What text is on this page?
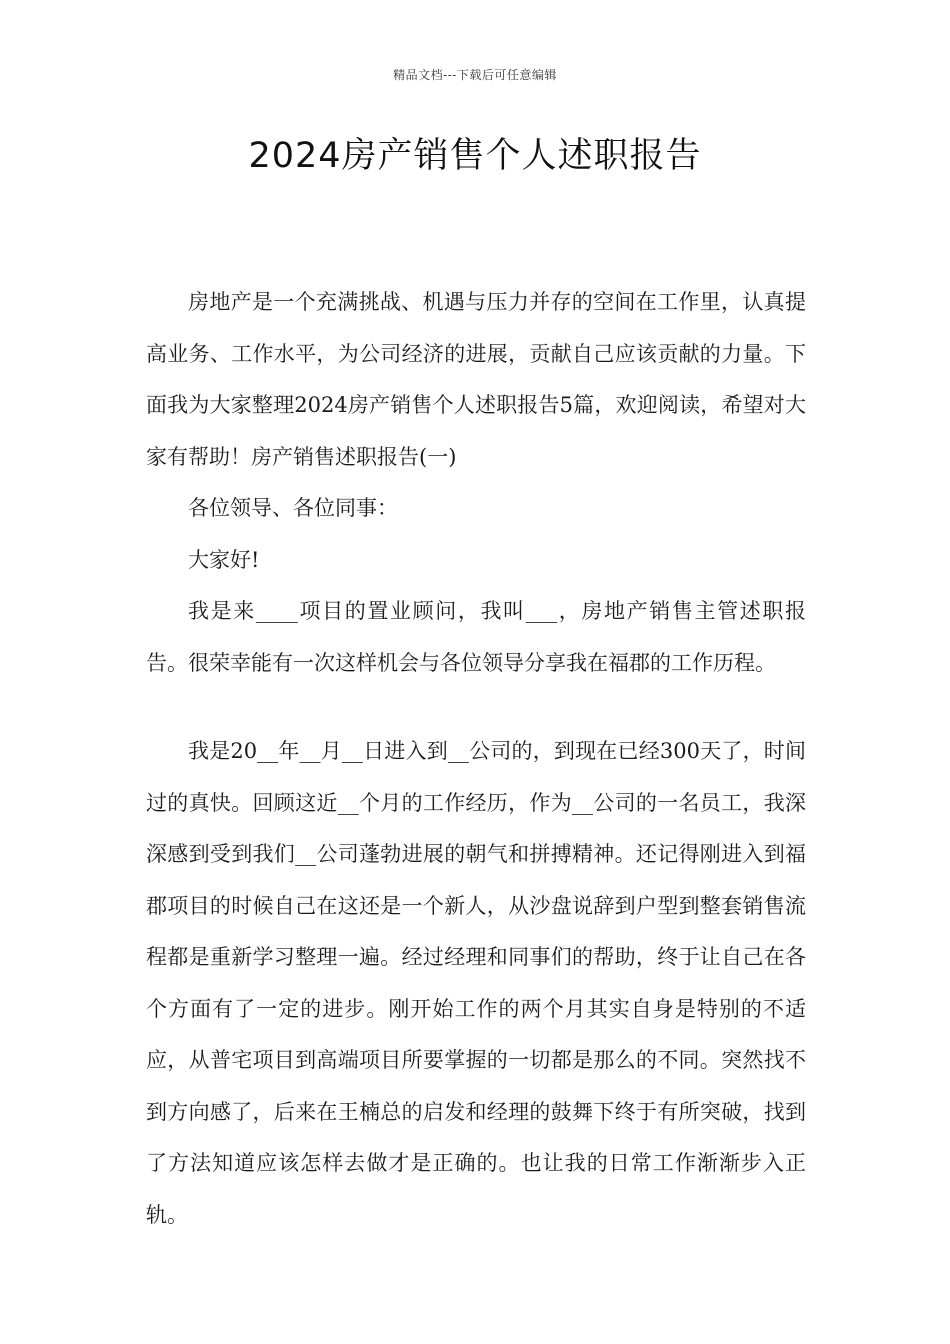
精品文档---下载后可任意编辑
2024房产销售个人述职报告

房地产是一个充满挑战、机遇与压力并存的空间在工作里，认真提高业务、工作水平，为公司经济的进展，贡献自己应该贡献的力量。下面我为大家整理2024房产销售个人述职报告5篇，欢迎阅读，希望对大家有帮助！房产销售述职报告(一)

各位领导、各位同事：

大家好!

我是来____项目的置业顾问，我叫___，房地产销售主管述职报告。很荣幸能有一次这样机会与各位领导分享我在福郡的工作历程。

我是20__年__月__日进入到__公司的，到现在已经300天了，时间过的真快。回顾这近__个月的工作经历，作为__公司的一名员工，我深深感到受到我们__公司蓬勃进展的朝气和拼搏精神。还记得刚进入到福郡项目的时候自己在这还是一个新人，从沙盘说辞到户型到整套销售流程都是重新学习整理一遍。经过经理和同事们的帮助，终于让自己在各个方面有了一定的进步。刚开始工作的两个月其实自身是特别的不适应，从普宅项目到高端项目所要掌握的一切都是那么的不同。突然找不到方向感了，后来在王楠总的启发和经理的鼓舞下终于有所突破，找到了方法知道应该怎样去做才是正确的。也让我的日常工作渐渐步入正轨。
